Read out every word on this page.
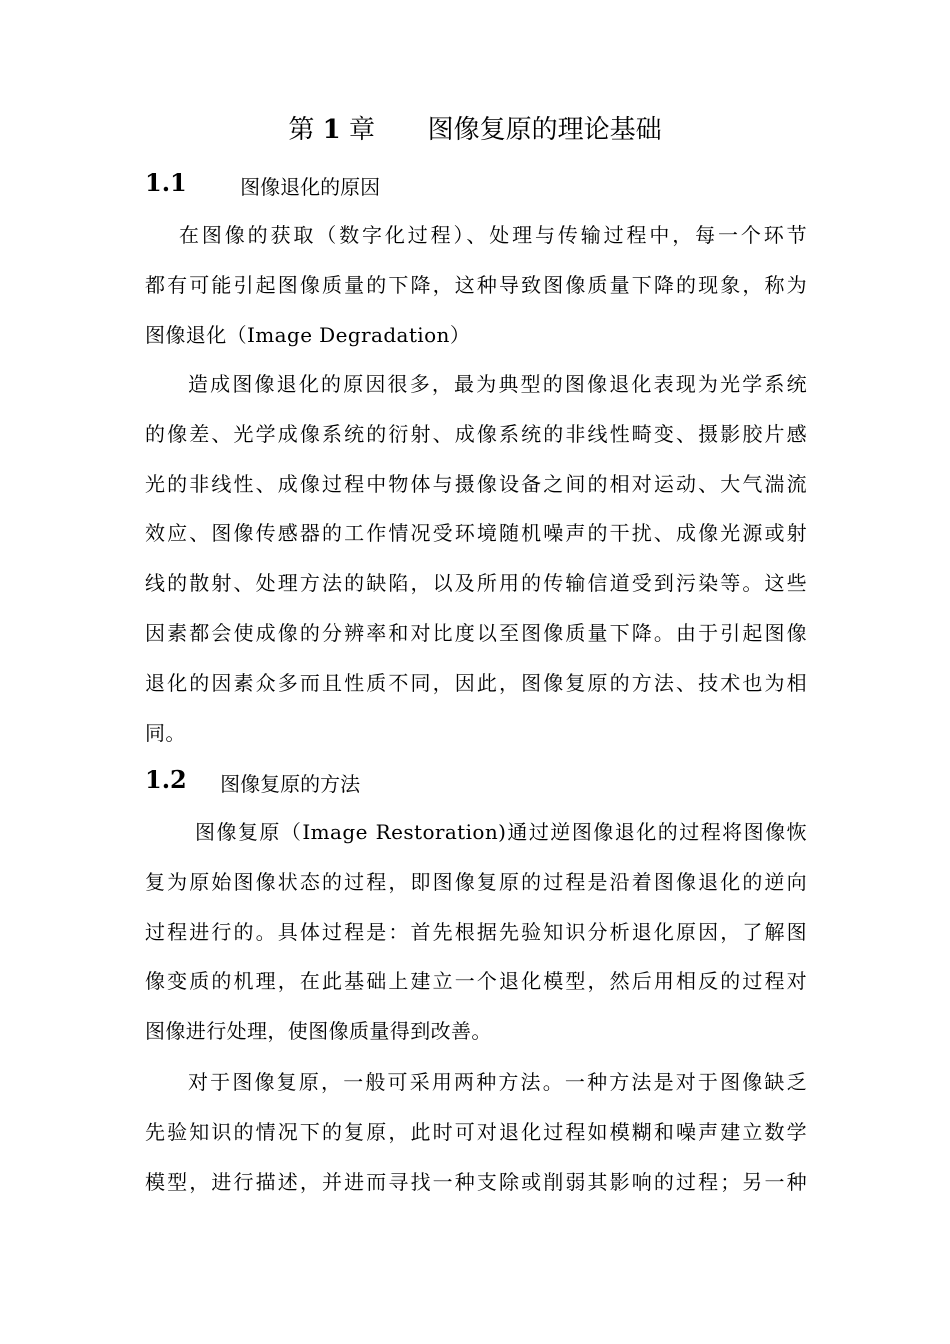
第 1 章 图像复原的理论基础
1.1	图像退化的原因

在图像的获取（数字化过程）、处理与传输过程中，每一个环节
都有可能引起图像质量的下降，这种导致图像质量下降的现象，称为
图像退化（Image Degradation）

造成图像退化的原因很多，最为典型的图像退化表现为光学系统
的像差、光学成像系统的衍射、成像系统的非线性畸变、摄影胶片感
光的非线性、成像过程中物体与摄像设备之间的相对运动、大气湍流
效应、图像传感器的工作情况受环境随机噪声的干扰、成像光源或射
线的散射、处理方法的缺陷，以及所用的传输信道受到污染等。这些
因素都会使成像的分辨率和对比度以至图像质量下降。由于引起图像
退化的因素众多而且性质不同，因此，图像复原的方法、技术也为相
同。

1.2 图像复原的方法

图像复原（Image Restoration)通过逆图像退化的过程将图像恢
复为原始图像状态的过程，即图像复原的过程是沿着图像退化的逆向
过程进行的。具体过程是：首先根据先验知识分析退化原因，了解图
像变质的机理，在此基础上建立一个退化模型，然后用相反的过程对
图像进行处理，使图像质量得到改善。

对于图像复原，一般可采用两种方法。一种方法是对于图像缺乏
先验知识的情况下的复原，此时可对退化过程如模糊和噪声建立数学
模型，进行描述，并进而寻找一种支除或削弱其影响的过程；另一种
